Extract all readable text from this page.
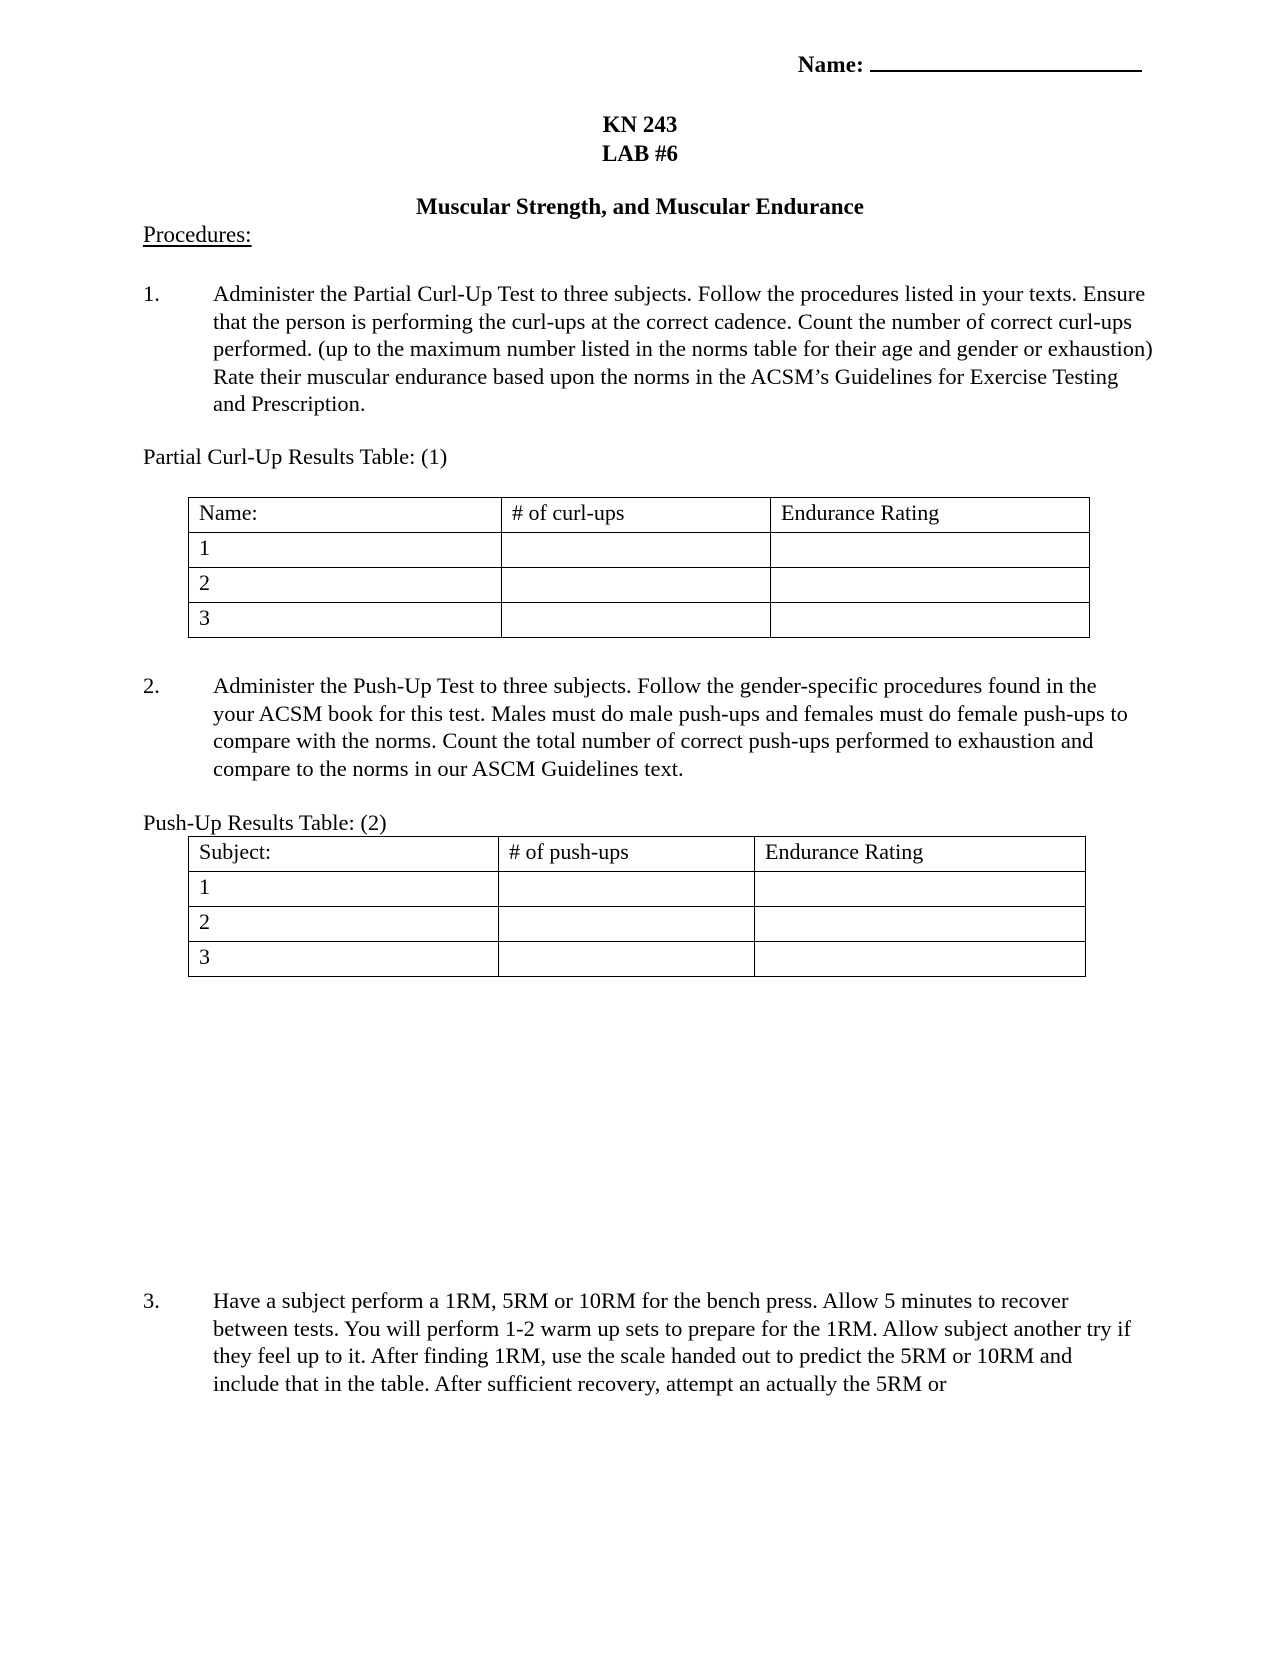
Name:
KN 243
LAB #6
Muscular Strength, and Muscular Endurance
Procedures:
1.	Administer the Partial Curl-Up Test to three subjects. Follow the procedures listed in your texts. Ensure that the person is performing the curl-ups at the correct cadence. Count the number of correct curl-ups performed. (up to the maximum number listed in the norms table for their age and gender or exhaustion) Rate their muscular endurance based upon the norms in the ACSM’s Guidelines for Exercise Testing and Prescription.
Partial Curl-Up Results Table: (1)
Name:	# of curl-ups	Endurance Rating
1		
2		
3		
2.	Administer the Push-Up Test to three subjects. Follow the gender-specific procedures found in the your ACSM book for this test. Males must do male push-ups and females must do female push-ups to compare with the norms. Count the total number of correct push-ups performed to exhaustion and compare to the norms in our ASCM Guidelines text.
Push-Up Results Table: (2)
Subject:	# of push-ups	Endurance Rating
1		
2		
3		
3.	Have a subject perform a 1RM, 5RM or 10RM for the bench press. Allow 5 minutes to recover between tests. You will perform 1-2 warm up sets to prepare for the 1RM. Allow subject another try if they feel up to it. After finding 1RM, use the scale handed out to predict the 5RM or 10RM and include that in the table. After sufficient recovery, attempt an actually the 5RM or
